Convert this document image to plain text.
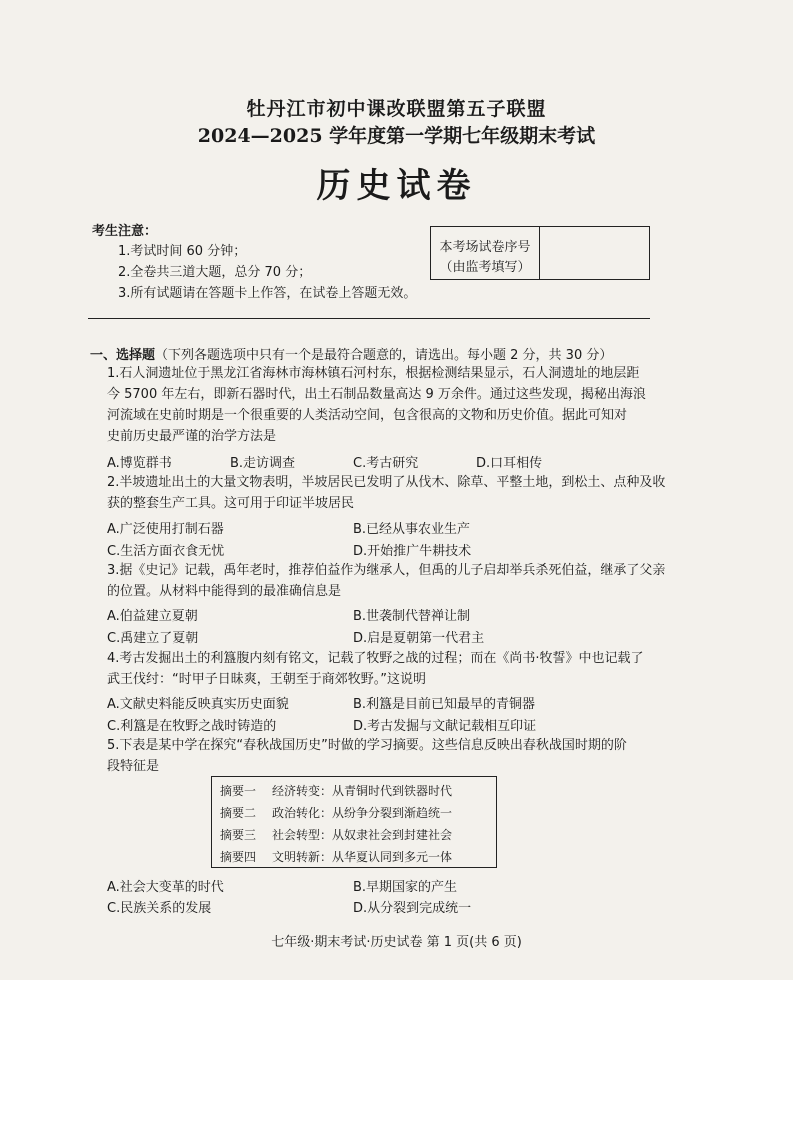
牡丹江市初中课改联盟第五子联盟
2024—2025 学年度第一学期七年级期末考试
历史试卷
考生注意：
1.考试时间 60 分钟；
2.全卷共三道大题，总分 70 分；
3.所有试题请在答题卡上作答，在试卷上答题无效。
本考场试卷序号
（由监考填写）
一、选择题（下列各题选项中只有一个是最符合题意的，请选出。每小题 2 分，共 30 分）
1.石人洞遗址位于黑龙江省海林市海林镇石河村东，根据检测结果显示，石人洞遗址的地层距
今 5700 年左右，即新石器时代，出土石制品数量高达 9 万余件。通过这些发现，揭秘出海浪
河流域在史前时期是一个很重要的人类活动空间，包含很高的文物和历史价值。据此可知对
史前历史最严谨的治学方法是
A.博览群书	B.走访调查	C.考古研究	D.口耳相传
2.半坡遗址出土的大量文物表明，半坡居民已发明了从伐木、除草、平整土地，到松土、点种及收
获的整套生产工具。这可用于印证半坡居民
A.广泛使用打制石器	B.已经从事农业生产
C.生活方面衣食无忧	D.开始推广牛耕技术
3.据《史记》记载，禹年老时，推荐伯益作为继承人，但禹的儿子启却举兵杀死伯益，继承了父亲
的位置。从材料中能得到的最准确信息是
A.伯益建立夏朝	B.世袭制代替禅让制
C.禹建立了夏朝	D.启是夏朝第一代君主
4.考古发掘出土的利簋腹内刻有铭文，记载了牧野之战的过程；而在《尚书·牧誓》中也记载了
武王伐纣：“时甲子日昧爽，王朝至于商郊牧野。”这说明
A.文献史料能反映真实历史面貌	B.利簋是目前已知最早的青铜器
C.利簋是在牧野之战时铸造的	D.考古发掘与文献记载相互印证
5.下表是某中学在探究“春秋战国历史”时做的学习摘要。这些信息反映出春秋战国时期的阶
段特征是
摘要一 经济转变：从青铜时代到铁器时代
摘要二 政治转化：从纷争分裂到渐趋统一
摘要三 社会转型：从奴隶社会到封建社会
摘要四 文明转新：从华夏认同到多元一体
A.社会大变革的时代	B.早期国家的产生
C.民族关系的发展	D.从分裂到完成统一
七年级·期末考试·历史试卷 第 1 页(共 6 页)
